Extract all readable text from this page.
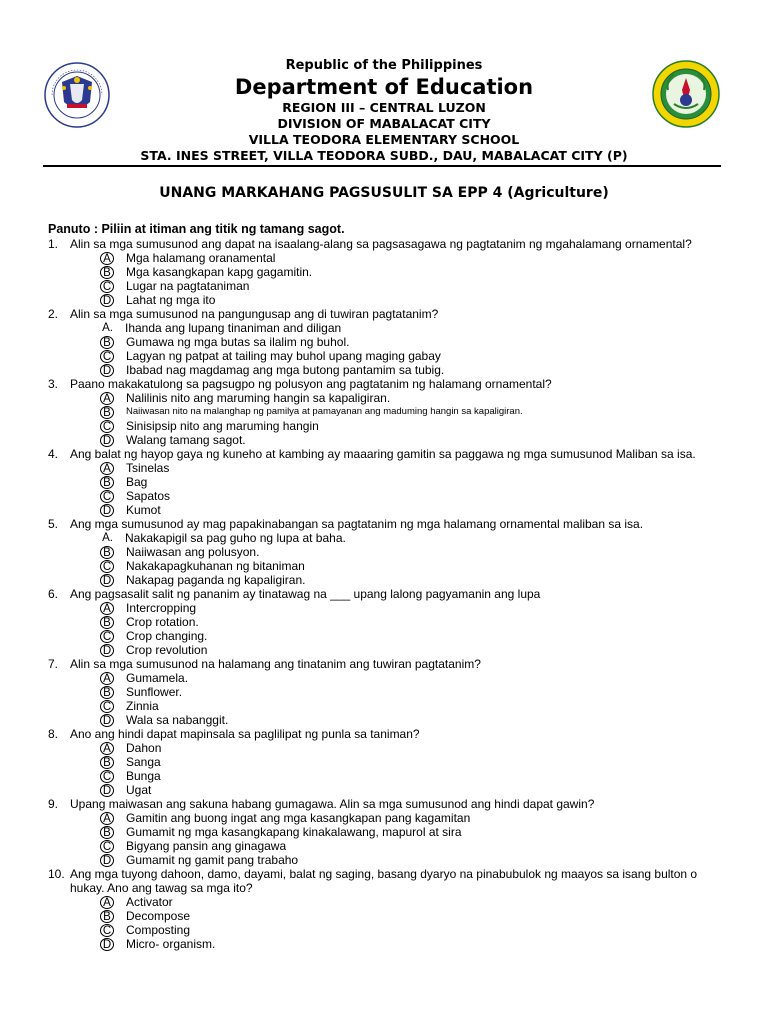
Republic of the Philippines
Department of Education
REGION III – CENTRAL LUZON
DIVISION OF MABALACAT CITY
VILLA TEODORA ELEMENTARY SCHOOL
STA. INES STREET, VILLA TEODORA SUBD., DAU, MABALACAT CITY (P)
UNANG MARKAHANG PAGSUSULIT SA EPP 4 (Agriculture)
Panuto : Piliin at itiman ang titik ng tamang sagot.
1. Alin sa mga sumusunod ang dapat na isaalang-alang sa pagsasagawa ng pagtatanim ng mgahalamang ornamental?
A Mga halamang oranamental
B Mga kasangkapan kapg gagamitin.
C Lugar na pagtataniman
D Lahat ng mga ito
2. Alin sa mga sumusunod na pangungusap ang di tuwiran pagtatanim?
A. Ihanda ang lupang tinaniman and diligan
B Gumawa ng mga butas sa ilalim ng buhol.
C Lagyan ng patpat at tailing may buhol upang maging gabay
D Ibabad nag magdamag ang mga butong pantamim sa tubig.
3. Paano makakatulong sa pagsugpo ng polusyon ang pagtatanim ng halamang ornamental?
A Nalilinis nito ang maruming hangin sa kapaligiran.
B	Naiiwasan nito na malanghap ng pamilya at pamayanan ang maduming hangin sa kapaligiran.
C Sinisipsip nito ang maruming hangin
D Walang tamang sagot.
4. Ang balat ng hayop gaya ng kuneho at kambing ay maaaring gamitin sa paggawa ng mga sumusunod Maliban sa isa.
A Tsinelas
B Bag
C Sapatos
D Kumot
5. Ang mga sumusunod ay mag papakinabangan sa pagtatanim ng mga halamang ornamental maliban sa isa.
A. Nakakapigil sa pag guho ng lupa at baha.
B Naiiwasan ang polusyon.
C Nakakapagkuhanan ng bitaniman
D Nakapag paganda ng kapaligiran.
6. Ang pagsasalit salit ng pananim ay tinatawag na ___ upang lalong pagyamanin ang lupa
A Intercropping
B Crop rotation.
C Crop changing.
D Crop revolution
7. Alin sa mga sumusunod na halamang ang tinatanim ang tuwiran pagtatanim?
A Gumamela.
B Sunflower.
C Zinnia
D Wala sa nabanggit.
8. Ano ang hindi dapat mapinsala sa paglilipat ng punla sa taniman?
A Dahon
B Sanga
C Bunga
D Ugat
9. Upang maiwasan ang sakuna habang gumagawa. Alin sa mga sumusunod ang hindi dapat gawin?
A Gamitin ang buong ingat ang mga kasangkapan pang kagamitan
B Gumamit ng mga kasangkapang kinakalawang, mapurol at sira
C Bigyang pansin ang ginagawa
D Gumamit ng gamit pang trabaho
10. Ang mga tuyong dahoon, damo, dayami, balat ng saging, basang dyaryo na pinabubulok ng maayos sa isang bulton o hukay. Ano ang tawag sa mga ito?
A Activator
B Decompose
C Composting
D Micro- organism.
